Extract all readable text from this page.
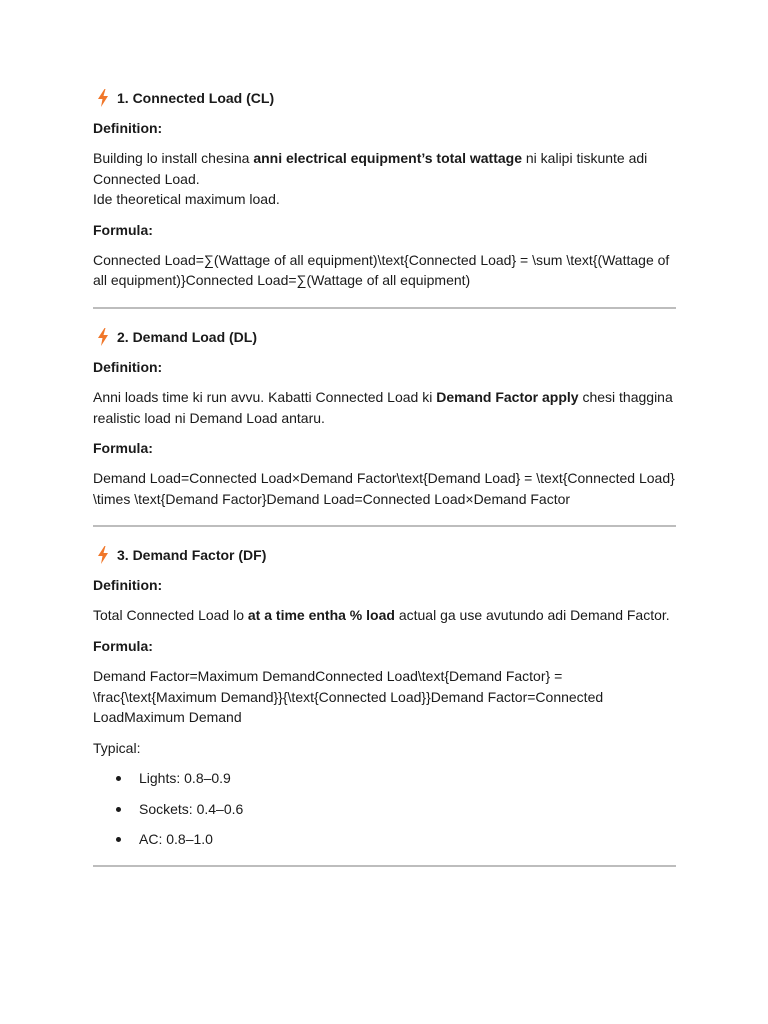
1. Connected Load (CL)
Definition:
Building lo install chesina anni electrical equipment’s total wattage ni kalipi tiskunte adi Connected Load.
Ide theoretical maximum load.
Formula:
Connected Load=∑(Wattage of all equipment)\text{Connected Load} = \sum \text{(Wattage of all equipment)}Connected Load=∑(Wattage of all equipment)
2. Demand Load (DL)
Definition:
Anni loads time ki run avvu. Kabatti Connected Load ki Demand Factor apply chesi thaggina realistic load ni Demand Load antaru.
Formula:
Demand Load=Connected Load×Demand Factor\text{Demand Load} = \text{Connected Load} \times \text{Demand Factor}Demand Load=Connected Load×Demand Factor
3. Demand Factor (DF)
Definition:
Total Connected Load lo at a time entha % load actual ga use avutundo adi Demand Factor.
Formula:
Demand Factor=Maximum DemandConnected Load\text{Demand Factor} = \frac{\text{Maximum Demand}}{\text{Connected Load}}Demand Factor=Connected LoadMaximum Demand
Typical:
Lights: 0.8–0.9
Sockets: 0.4–0.6
AC: 0.8–1.0
